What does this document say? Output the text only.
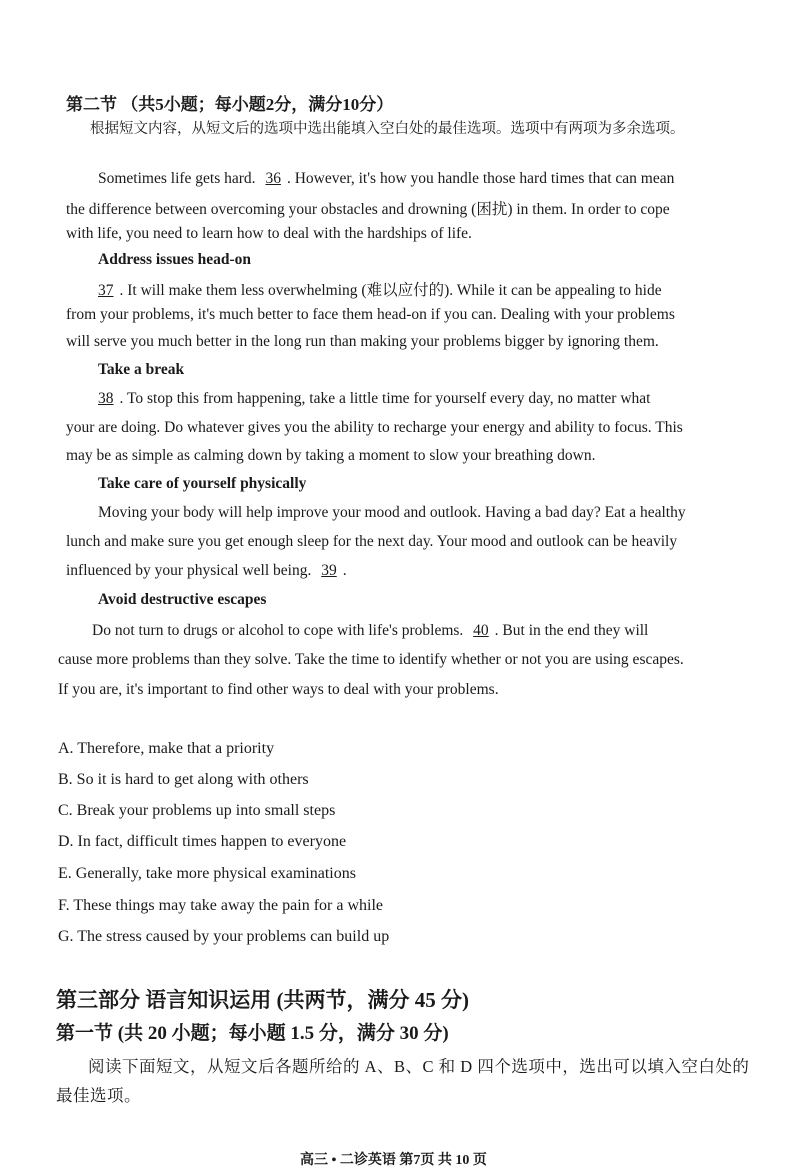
第二节 （共5小题；每小题2分，满分10分）
根据短文内容，从短文后的选项中选出能填入空白处的最佳选项。选项中有两项为多余选项。
Sometimes life gets hard. 36 . However, it's how you handle those hard times that can mean
the difference between overcoming your obstacles and drowning (困扰) in them. In order to cope
with life, you need to learn how to deal with the hardships of life.
Address issues head-on
37 . It will make them less overwhelming (难以应付的). While it can be appealing to hide
from your problems, it's much better to face them head-on if you can. Dealing with your problems
will serve you much better in the long run than making your problems bigger by ignoring them.
Take a break
38 . To stop this from happening, take a little time for yourself every day, no matter what
your are doing. Do whatever gives you the ability to recharge your energy and ability to focus. This
may be as simple as calming down by taking a moment to slow your breathing down.
Take care of yourself physically
Moving your body will help improve your mood and outlook. Having a bad day? Eat a healthy
lunch and make sure you get enough sleep for the next day. Your mood and outlook can be heavily
influenced by your physical well being. 39 .
Avoid destructive escapes
Do not turn to drugs or alcohol to cope with life's problems. 40 . But in the end they will
cause more problems than they solve. Take the time to identify whether or not you are using escapes.
If you are, it's important to find other ways to deal with your problems.
A. Therefore, make that a priority
B. So it is hard to get along with others
C. Break your problems up into small steps
D. In fact, difficult times happen to everyone
E. Generally, take more physical examinations
F. These things may take away the pain for a while
G. The stress caused by your problems can build up
第三部分 语言知识运用 (共两节，满分 45 分)
第一节 (共 20 小题；每小题 1.5 分，满分 30 分)
阅读下面短文，从短文后各题所给的 A、B、C 和 D 四个选项中，选出可以填入空白处的
最佳选项。
高三 • 二诊英语 第7页 共 10 页
